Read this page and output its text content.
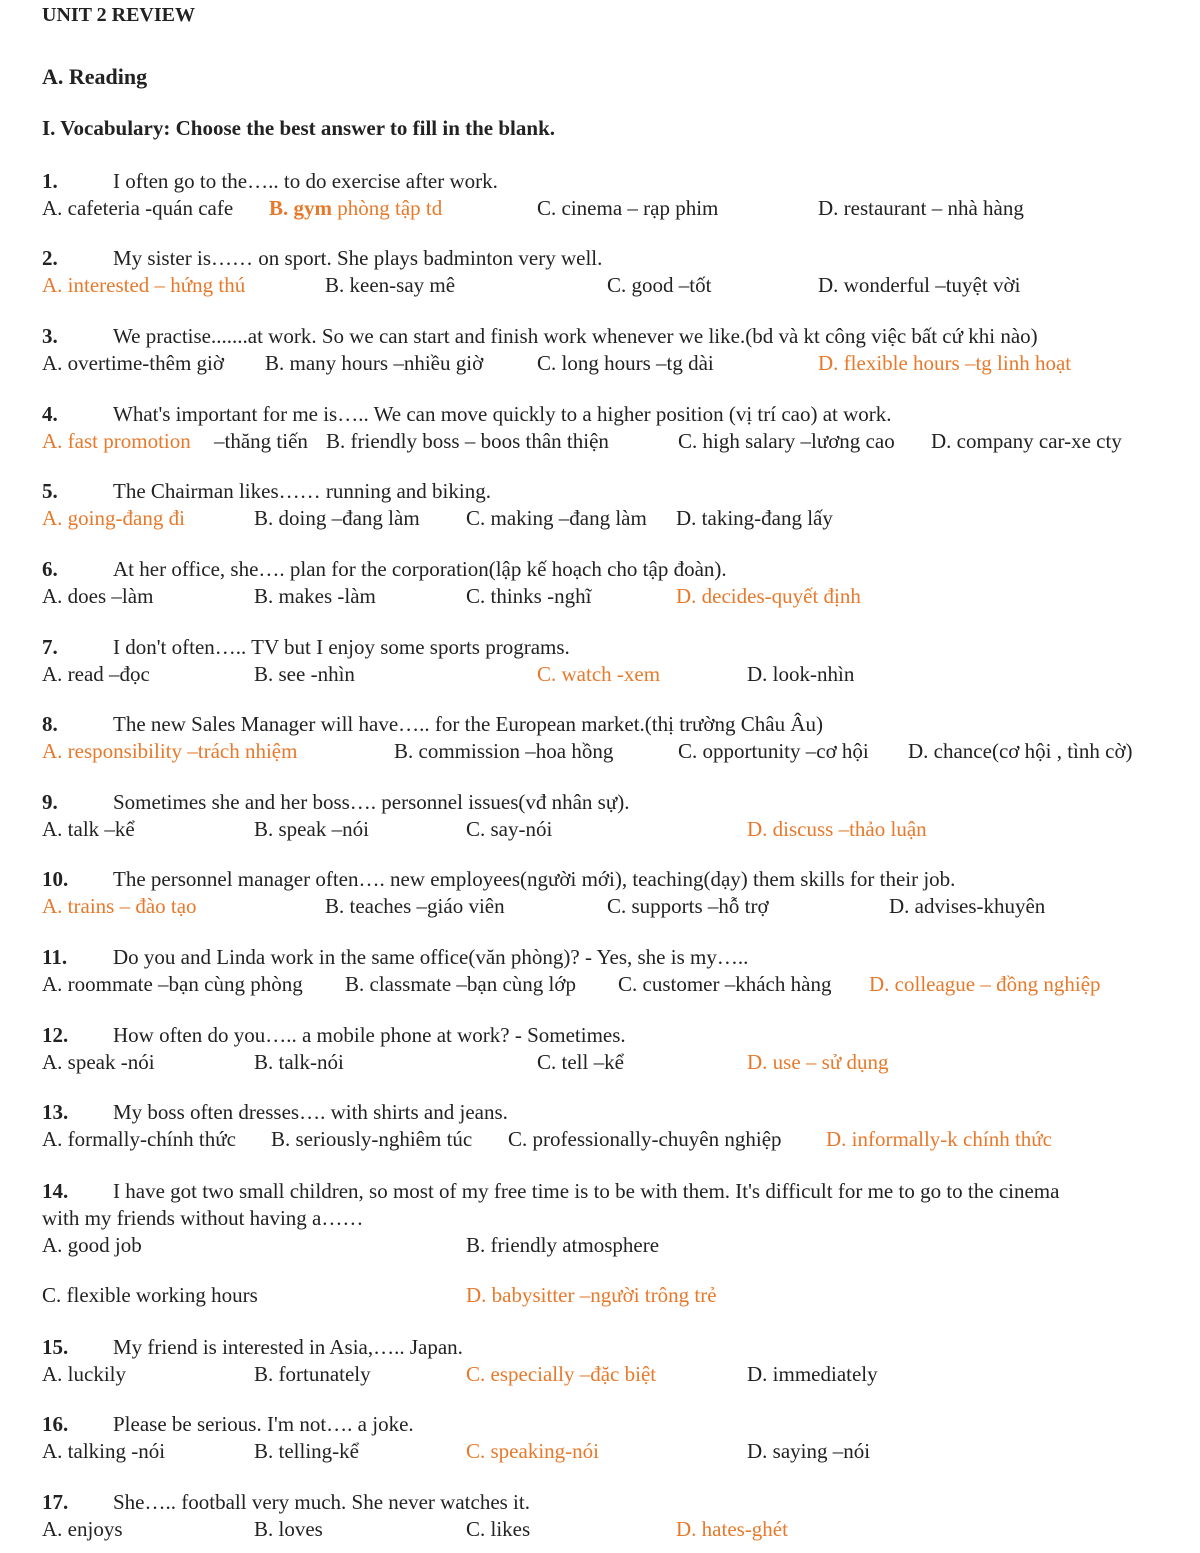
UNIT 2 REVIEW
A. Reading
I. Vocabulary: Choose the best answer to fill in the blank.
1.	I often go to the….. to do exercise after work.
A. cafeteria -quán cafe B. gym phòng tập td	C. cinema – rạp phim	D. restaurant – nhà hàng
2.	My sister is…… on sport. She plays badminton very well.
A. interested – hứng thú	B. keen-say mê	C. good –tốt	D. wonderful –tuyệt vời
3.	We practise.......at work. So we can start and finish work whenever we like.(bd và kt công việc bất cứ khi nào)
A. overtime-thêm giờ B. many hours –nhiều giờ	C. long hours –tg dài	D. flexible hours –tg linh hoạt
4.	What's important for me is….. We can move quickly to a higher position (vị trí cao) at work.
A. fast promotion –thăng tiến B. friendly boss – boos thân thiện	C. high salary –lương cao D. company car-xe cty
5.	The Chairman likes…… running and biking.
A. going-đang đi	B. doing –đang làm C. making –đang làm D. taking-đang lấy
6.	At her office, she…. plan for the corporation(lập kế hoạch cho tập đoàn).
A. does –làm	B. makes -làm	C. thinks -nghĩ	D. decides-quyết định
7.	I don't often….. TV but I enjoy some sports programs.
A. read –đọc	B. see -nhìn	C. watch -xem	D. look-nhìn
8.	The new Sales Manager will have….. for the European market.(thị trường Châu Âu)
A. responsibility –trách nhiệm	B. commission –hoa hồng	C. opportunity –cơ hội D. chance(cơ hội , tình cờ)
9.	Sometimes she and her boss…. personnel issues(vđ nhân sự).
A. talk –kể	B. speak –nói	C. say-nói	D. discuss –thảo luận
10. The personnel manager often…. new employees(người mới), teaching(dạy) them skills for their job.
A. trains – đào tạo	B. teaches –giáo viên	C. supports –hỗ trợ	D. advises-khuyên
11. Do you and Linda work in the same office(văn phòng)? - Yes, she is my…..
A. roommate –bạn cùng phòng B. classmate –bạn cùng lớp C. customer –khách hàng D. colleague – đồng nghiệp
12. How often do you….. a mobile phone at work? - Sometimes.
A. speak -nói	B. talk-nói	C. tell –kể	D. use – sử dụng
13. My boss often dresses…. with shirts and jeans.
A. formally-chính thức B. seriously-nghiêm túc C. professionally-chuyên nghiệp D. informally-k chính thức
14. I have got two small children, so most of my free time is to be with them. It's difficult for me to go to the cinema
with my friends without having a……
A. good job	B. friendly atmosphere
C. flexible working hours	D. babysitter –người trông trẻ
15. My friend is interested in Asia,….. Japan.
A. luckily	B. fortunately	C. especially –đặc biệt	D. immediately
16. Please be serious. I'm not…. a joke.
A. talking -nói	B. telling-kể	C. speaking-nói	D. saying –nói
17. She….. football very much. She never watches it.
A. enjoys	B. loves	C. likes	D. hates-ghét
